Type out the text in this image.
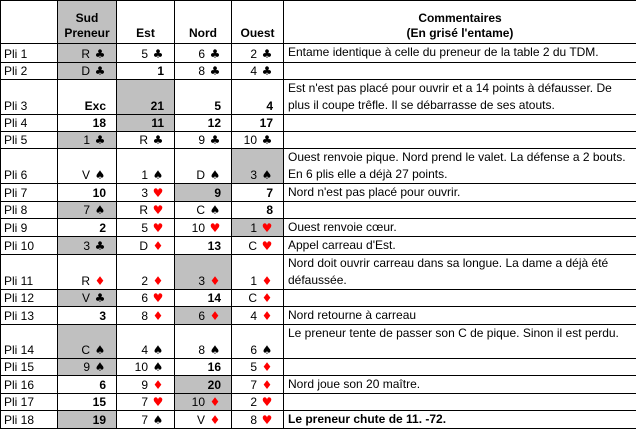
	Sud Preneur	Est	Nord	Ouest	Commentaires
(En grisé l'entame)

Pli 1	R ♣	5 ♣	6 ♣	2 ♣	Entame identique à celle du preneur de la table 2 du TDM.
Pli 2	D ♣	1	8 ♣	4 ♣	
Pli 3	Exc	21	5	4	Est n'est pas placé pour ouvrir et a 14 points à défausser. De plus il coupe trêfle. Il se débarrasse de ses atouts.
Pli 4	18	11	12	17	
Pli 5	1 ♣	R ♣	9 ♣	10 ♣	
Pli 6	V ♠	1 ♠	D ♠	3 ♠	Ouest renvoie pique. Nord prend le valet. La défense a 2 bouts. En 6 plis elle a déjà 27 points.
Pli 7	10	3 ♥	9	7	Nord n'est pas placé pour ouvrir.
Pli 8	7 ♠	R ♥	C ♠	8	
Pli 9	2	5 ♥	10 ♥	1 ♥	Ouest renvoie cœur.
Pli 10	3 ♣	D ♦	13	C ♥	Appel carreau d'Est.
Pli 11	R ♦	2 ♦	3 ♦	1 ♦	Nord doit ouvrir carreau dans sa longue. La dame a déjà été défaussée.
Pli 12	V ♣	6 ♥	14	C ♦	
Pli 13	3	8 ♦	6 ♦	4 ♦	Nord retourne à carreau
Pli 14	C ♠	4 ♠	8 ♠	6 ♠	Le preneur tente de passer son C de pique. Sinon il est perdu.
Pli 15	9 ♠	10 ♠	16	5 ♦	
Pli 16	6	9 ♦	20	7 ♦	Nord joue son 20 maître.
Pli 17	15	7 ♥	10 ♦	2 ♥	
Pli 18	19	7 ♠	V ♦	8 ♥	Le preneur chute de 11. -72.
